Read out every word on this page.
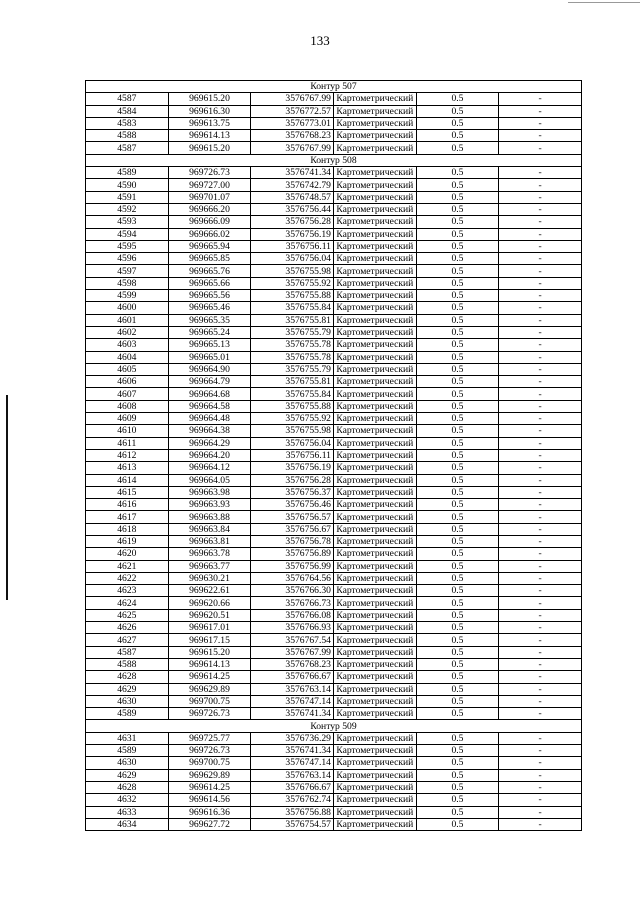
133
Контур 507					
4587	969615.20	3576767.99	Картометрический	0.5	-
4584	969616.30	3576772.57	Картометрический	0.5	-
4583	969613.75	3576773.01	Картометрический	0.5	-
4588	969614.13	3576768.23	Картометрический	0.5	-
4587	969615.20	3576767.99	Картометрический	0.5	-
Контур 508					
4589	969726.73	3576741.34	Картометрический	0.5	-
4590	969727.00	3576742.79	Картометрический	0.5	-
4591	969701.07	3576748.57	Картометрический	0.5	-
4592	969666.20	3576756.44	Картометрический	0.5	-
4593	969666.09	3576756.28	Картометрический	0.5	-
4594	969666.02	3576756.19	Картометрический	0.5	-
4595	969665.94	3576756.11	Картометрический	0.5	-
4596	969665.85	3576756.04	Картометрический	0.5	-
4597	969665.76	3576755.98	Картометрический	0.5	-
4598	969665.66	3576755.92	Картометрический	0.5	-
4599	969665.56	3576755.88	Картометрический	0.5	-
4600	969665.46	3576755.84	Картометрический	0.5	-
4601	969665.35	3576755.81	Картометрический	0.5	-
4602	969665.24	3576755.79	Картометрический	0.5	-
4603	969665.13	3576755.78	Картометрический	0.5	-
4604	969665.01	3576755.78	Картометрический	0.5	-
4605	969664.90	3576755.79	Картометрический	0.5	-
4606	969664.79	3576755.81	Картометрический	0.5	-
4607	969664.68	3576755.84	Картометрический	0.5	-
4608	969664.58	3576755.88	Картометрический	0.5	-
4609	969664.48	3576755.92	Картометрический	0.5	-
4610	969664.38	3576755.98	Картометрический	0.5	-
4611	969664.29	3576756.04	Картометрический	0.5	-
4612	969664.20	3576756.11	Картометрический	0.5	-
4613	969664.12	3576756.19	Картометрический	0.5	-
4614	969664.05	3576756.28	Картометрический	0.5	-
4615	969663.98	3576756.37	Картометрический	0.5	-
4616	969663.93	3576756.46	Картометрический	0.5	-
4617	969663.88	3576756.57	Картометрический	0.5	-
4618	969663.84	3576756.67	Картометрический	0.5	-
4619	969663.81	3576756.78	Картометрический	0.5	-
4620	969663.78	3576756.89	Картометрический	0.5	-
4621	969663.77	3576756.99	Картометрический	0.5	-
4622	969630.21	3576764.56	Картометрический	0.5	-
4623	969622.61	3576766.30	Картометрический	0.5	-
4624	969620.66	3576766.73	Картометрический	0.5	-
4625	969620.51	3576766.08	Картометрический	0.5	-
4626	969617.01	3576766.93	Картометрический	0.5	-
4627	969617.15	3576767.54	Картометрический	0.5	-
4587	969615.20	3576767.99	Картометрический	0.5	-
4588	969614.13	3576768.23	Картометрический	0.5	-
4628	969614.25	3576766.67	Картометрический	0.5	-
4629	969629.89	3576763.14	Картометрический	0.5	-
4630	969700.75	3576747.14	Картометрический	0.5	-
4589	969726.73	3576741.34	Картометрический	0.5	-
Контур 509					
4631	969725.77	3576736.29	Картометрический	0.5	-
4589	969726.73	3576741.34	Картометрический	0.5	-
4630	969700.75	3576747.14	Картометрический	0.5	-
4629	969629.89	3576763.14	Картометрический	0.5	-
4628	969614.25	3576766.67	Картометрический	0.5	-
4632	969614.56	3576762.74	Картометрический	0.5	-
4633	969616.36	3576756.88	Картометрический	0.5	-
4634	969627.72	3576754.57	Картометрический	0.5	-
